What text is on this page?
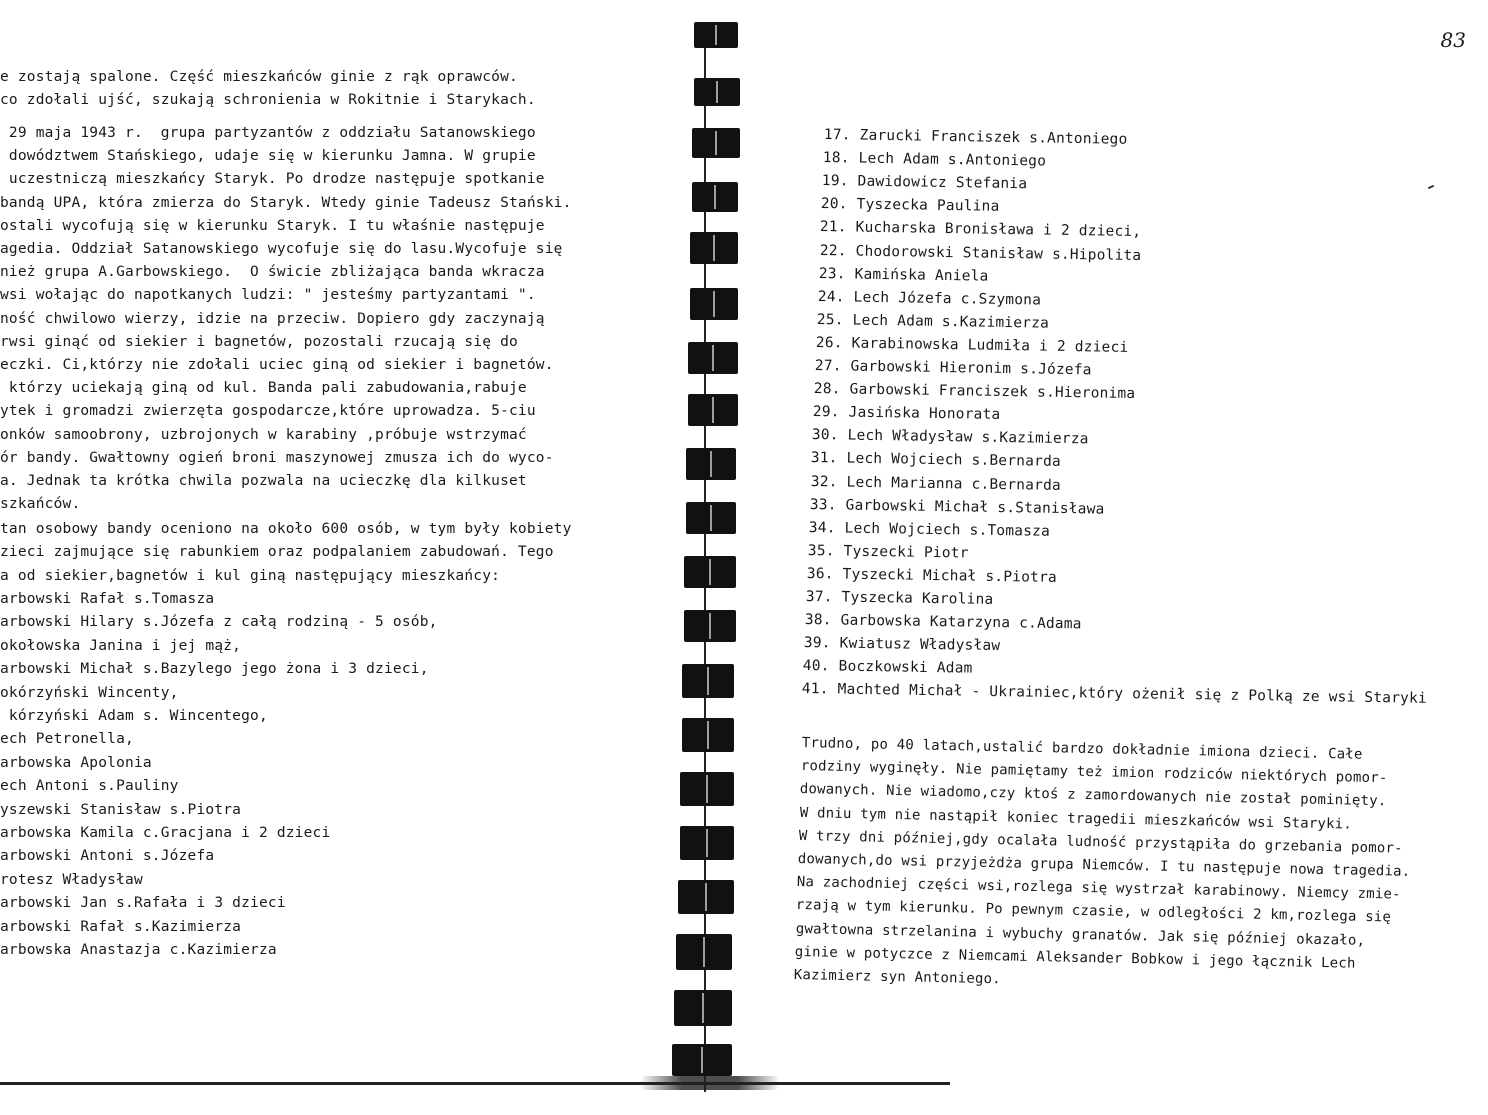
e zostają spalone. Część mieszkańców ginie z rąk oprawców.
co zdołali ujść, szukają schronienia w Rokitnie i Starykach.
29 maja 1943 r.  grupa partyzantów z oddziału Satanowskiego
dowództwem Stańskiego, udaje się w kierunku Jamna. W grupie
uczestniczą mieszkańcy Staryk. Po drodze następuje spotkanie
bandą UPA, która zmierza do Staryk. Wtedy ginie Tadeusz Stański.
ostali wycofują się w kierunku Staryk. I tu właśnie następuje
agedia. Oddział Satanowskiego wycofuje się do lasu.Wycofuje się
nież grupa A.Garbowskiego.  O świcie zbliżająca banda wkracza
wsi wołając do napotkanych ludzi: " jesteśmy partyzantami ".
ność chwilowo wierzy, idzie na przeciw. Dopiero gdy zaczynają
rwsi ginąć od siekier i bagnetów, pozostali rzucają się do
eczki. Ci,którzy nie zdołali uciec giną od siekier i bagnetów.
którzy uciekają giną od kul. Banda pali zabudowania,rabuje
ytek i gromadzi zwierzęta gospodarcze,które uprowadza. 5-ciu
onków samoobrony, uzbrojonych w karabiny ,próbuje wstrzymać
ór bandy. Gwałtowny ogień broni maszynowej zmusza ich do wyco-
a. Jednak ta krótka chwila pozwala na ucieczkę dla kilkuset
szkańców.
tan osobowy bandy oceniono na około 600 osób, w tym były kobiety
zieci zajmujące się rabunkiem oraz podpalaniem zabudowań. Tego
a od siekier,bagnetów i kul giną następujący mieszkańcy:
arbowski Rafał s.Tomasza
arbowski Hilary s.Józefa z całą rodziną - 5 osób,
okołowska Janina i jej mąż,
arbowski Michał s.Bazylego jego żona i 3 dzieci,
okórzyński Wincenty,
kórzyński Adam s. Wincentego,
ech Petronella,
arbowska Apolonia
ech Antoni s.Pauliny
yszewski Stanisław s.Piotra
arbowska Kamila c.Gracjana i 2 dzieci
arbowski Antoni s.Józefa
rotesz Władysław
arbowski Jan s.Rafała i 3 dzieci
arbowski Rafał s.Kazimierza
arbowska Anastazja c.Kazimierza
83
17. Zarucki Franciszek s.Antoniego
18. Lech Adam s.Antoniego
19. Dawidowicz Stefania
20. Tyszecka Paulina
21. Kucharska Bronisława i 2 dzieci,
22. Chodorowski Stanisław s.Hipolita
23. Kamińska Aniela
24. Lech Józefa c.Szymona
25. Lech Adam s.Kazimierza
26. Karabinowska Ludmiła i 2 dzieci
27. Garbowski Hieronim s.Józefa
28. Garbowski Franciszek s.Hieronima
29. Jasińska Honorata
30. Lech Władysław s.Kazimierza
31. Lech Wojciech s.Bernarda
32. Lech Marianna c.Bernarda
33. Garbowski Michał s.Stanisława
34. Lech Wojciech s.Tomasza
35. Tyszecki Piotr
36. Tyszecki Michał s.Piotra
37. Tyszecka Karolina
38. Garbowska Katarzyna c.Adama
39. Kwiatusz Władysław
40. Boczkowski Adam
41. Machted Michał - Ukrainiec,który ożenił się z Polką ze wsi Staryki
Trudno, po 40 latach,ustalić bardzo dokładnie imiona dzieci. Całe
rodziny wyginęły. Nie pamiętamy też imion rodziców niektórych pomor-
dowanych. Nie wiadomo,czy ktoś z zamordowanych nie został pominięty.
W dniu tym nie nastąpił koniec tragedii mieszkańców wsi Staryki.
W trzy dni później,gdy ocalała ludność przystąpiła do grzebania pomor-
dowanych,do wsi przyjeżdża grupa Niemców. I tu następuje nowa tragedia.
Na zachodniej części wsi,rozlega się wystrzał karabinowy. Niemcy zmie-
rzają w tym kierunku. Po pewnym czasie, w odległości 2 km,rozlega się
gwałtowna strzelanina i wybuchy granatów. Jak się później okazało,
ginie w potyczce z Niemcami Aleksander Bobkow i jego łącznik Lech
Kazimierz syn Antoniego.
